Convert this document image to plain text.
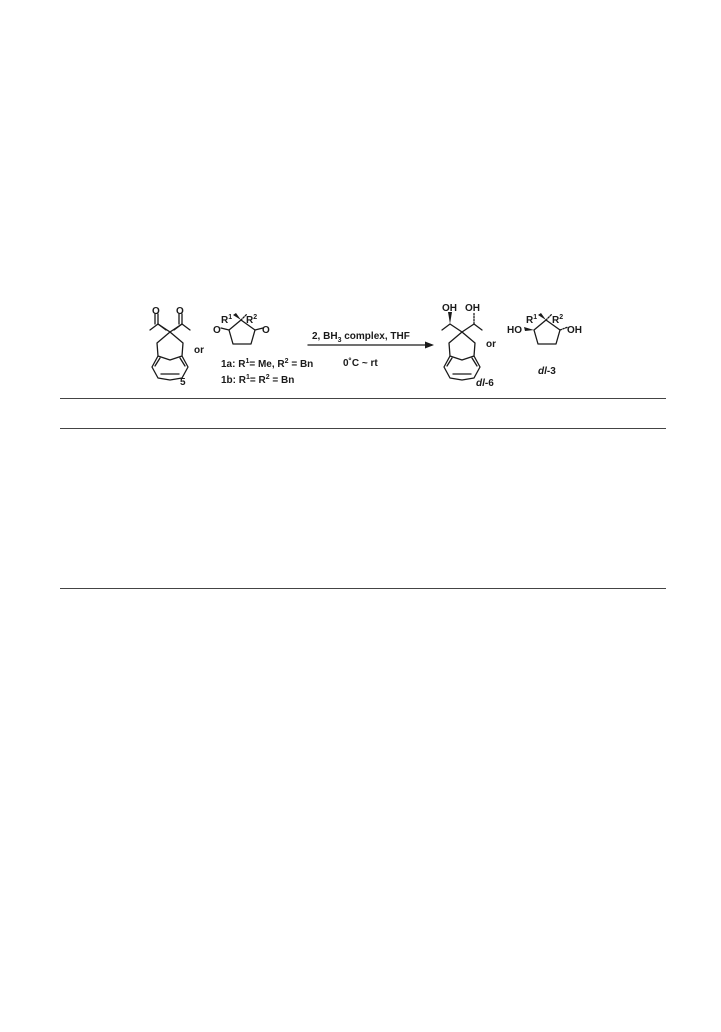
O O
5
or
$R^1$ $R^2$
O	O
1a: $R^1= Me$, $R^2 = Bn$
1b: $R^1= R^2 = Bn$
2, $BH_3$ complex, THF
0˚C ~ rt
OH OH
dl-6
or
$R^1$ $R^2$
HO	OH
dl-3
